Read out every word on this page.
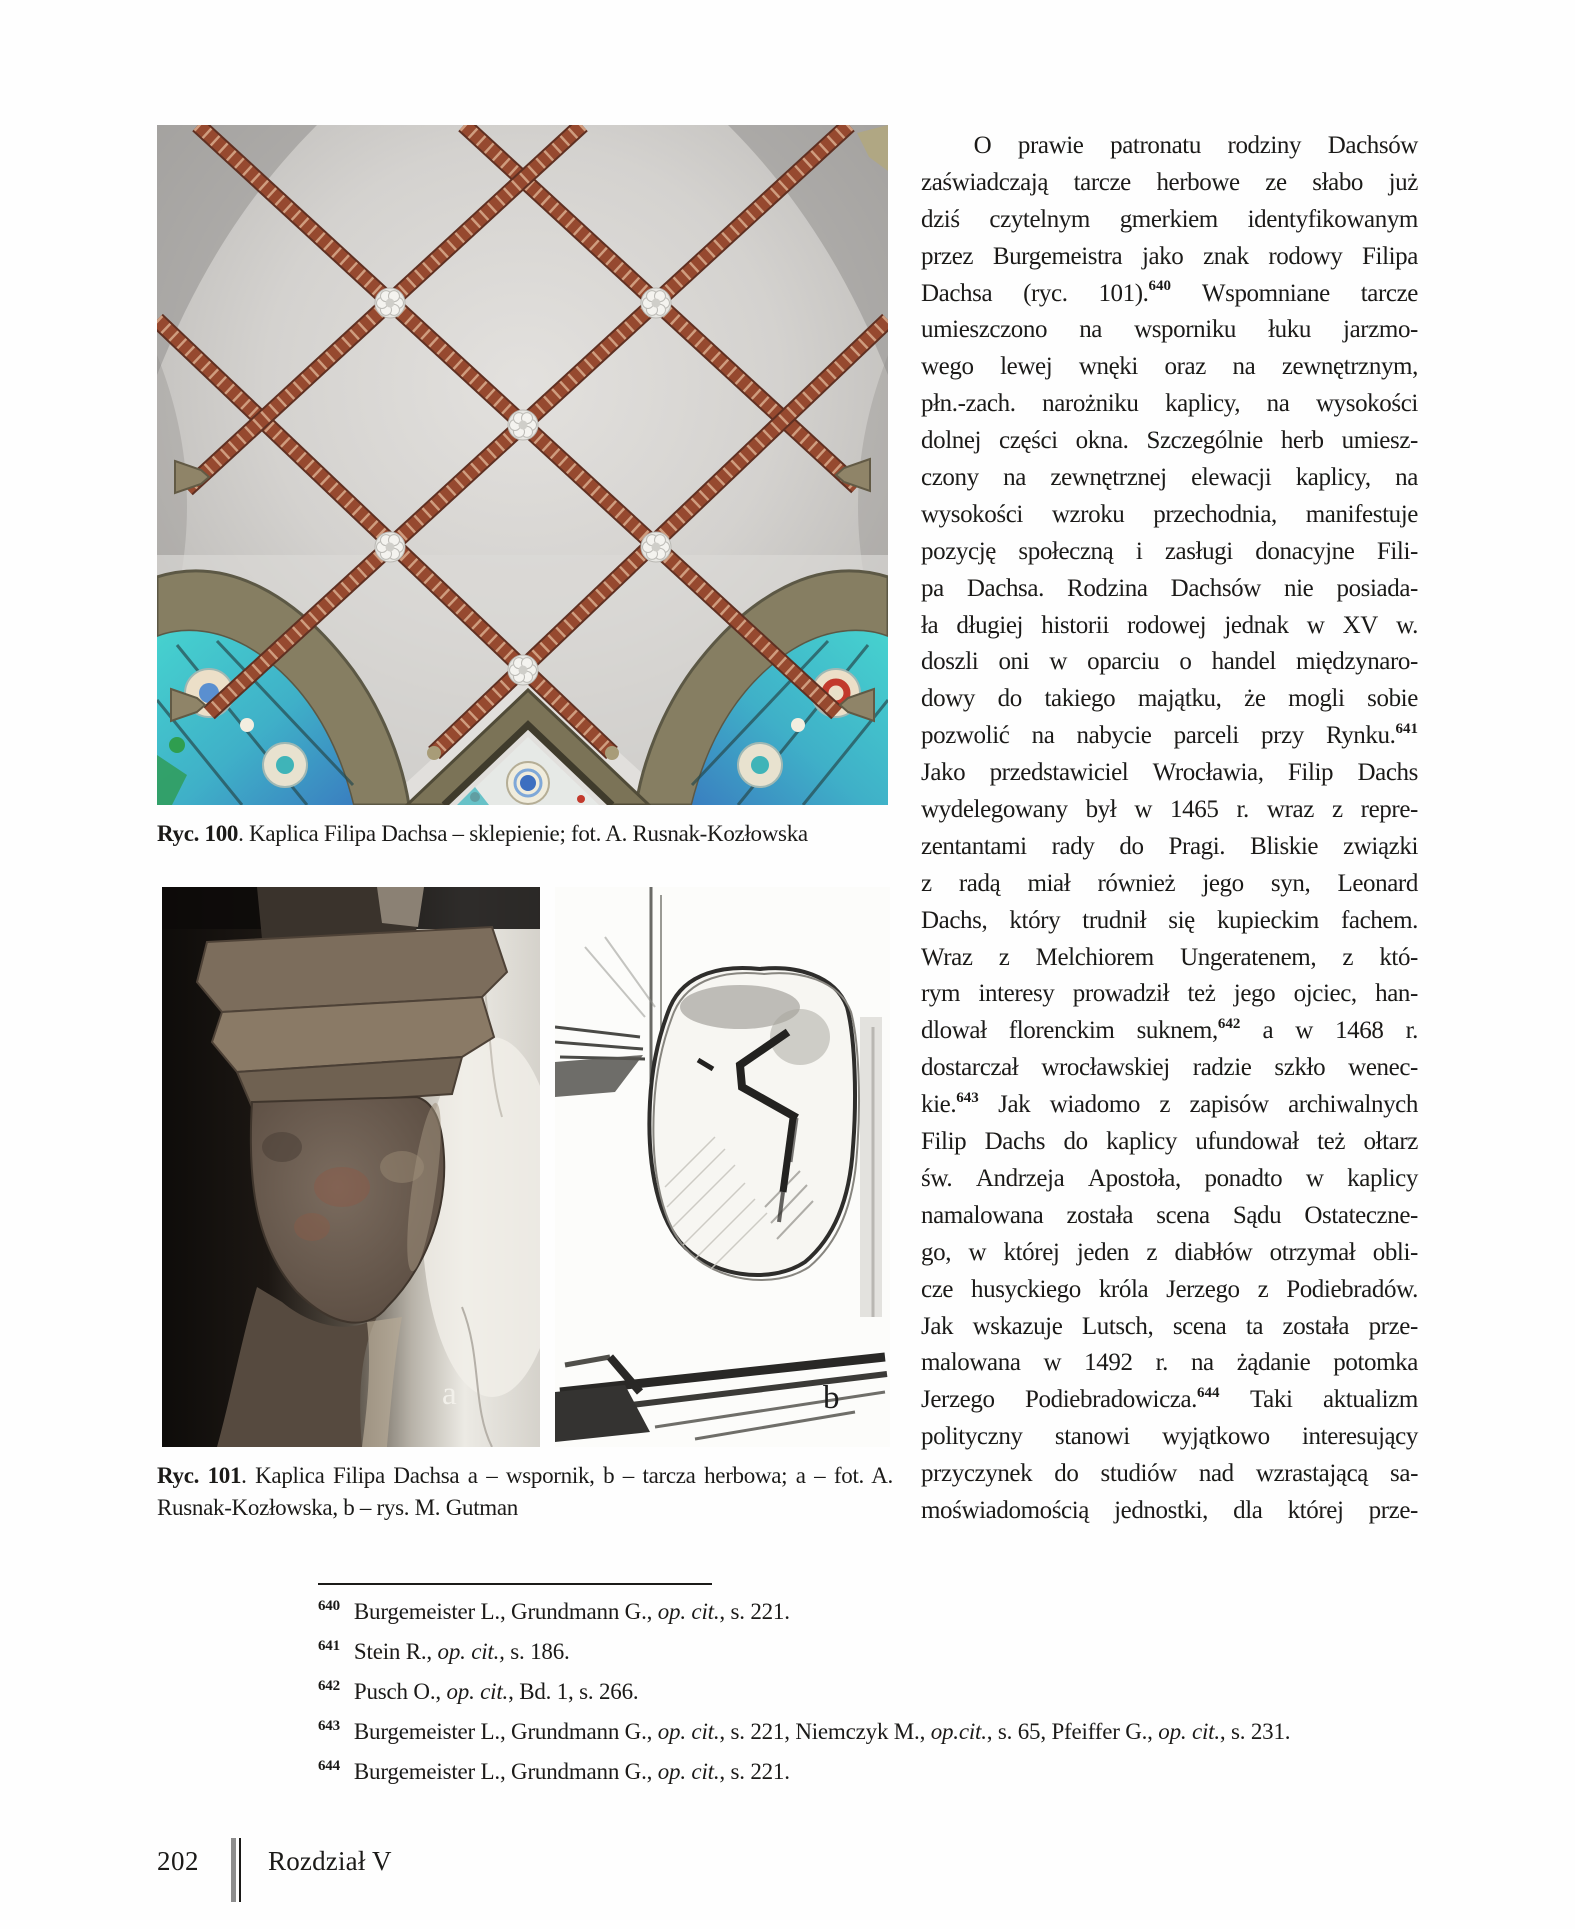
Ryc. 100. Kaplica Filipa Dachsa – sklepienie; fot. A. Rusnak-Kozłowska
a	b
Ryc. 101. Kaplica Filipa Dachsa a – wspornik, b – tarcza herbowa; a – fot. A. Rusnak-Kozłowska, b – rys. M. Gutman
O prawie patronatu rodziny Dachsów
zaświadczają tarcze herbowe ze słabo już
dziś czytelnym gmerkiem identyfikowanym
przez Burgemeistra jako znak rodowy Filipa
Dachsa (ryc. 101).$^{640}$ Wspomniane tarcze
umieszczono na wsporniku łuku jarzmo-
wego lewej wnęki oraz na zewnętrznym,
płn.-zach. narożniku kaplicy, na wysokości
dolnej części okna. Szczególnie herb umiesz-
czony na zewnętrznej elewacji kaplicy, na
wysokości wzroku przechodnia, manifestuje
pozycję społeczną i zasługi donacyjne Fili-
pa Dachsa. Rodzina Dachsów nie posiada-
ła długiej historii rodowej jednak w XV w.
doszli oni w oparciu o handel międzynaro-
dowy do takiego majątku, że mogli sobie
pozwolić na nabycie parceli przy Rynku.$^{641}$
Jako przedstawiciel Wrocławia, Filip Dachs
wydelegowany był w 1465 r. wraz z repre-
zentantami rady do Pragi. Bliskie związki
z radą miał również jego syn, Leonard
Dachs, który trudnił się kupieckim fachem.
Wraz z Melchiorem Ungeratenem, z któ-
rym interesy prowadził też jego ojciec, han-
dlował florenckim suknem,$^{642}$ a w 1468 r.
dostarczał wrocławskiej radzie szkło wenec-
kie.$^{643}$ Jak wiadomo z zapisów archiwalnych
Filip Dachs do kaplicy ufundował też ołtarz
św. Andrzeja Apostoła, ponadto w kaplicy
namalowana została scena Sądu Ostateczne-
go, w której jeden z diabłów otrzymał obli-
cze husyckiego króla Jerzego z Podiebradów.
Jak wskazuje Lutsch, scena ta została prze-
malowana w 1492 r. na żądanie potomka
Jerzego Podiebradowicza.$^{644}$ Taki aktualizm
polityczny stanowi wyjątkowo interesujący
przyczynek do studiów nad wzrastającą sa-
moświadomością jednostki, dla której prze-
$^{640}$ Burgemeister L., Grundmann G., op. cit., s. 221.
$^{641}$ Stein R., op. cit., s. 186.
$^{642}$ Pusch O., op. cit., Bd. 1, s. 266.
$^{643}$ Burgemeister L., Grundmann G., op. cit., s. 221, Niemczyk M., op.cit., s. 65, Pfeiffer G., op. cit., s. 231.
$^{644}$ Burgemeister L., Grundmann G., op. cit., s. 221.
202	Rozdział V
